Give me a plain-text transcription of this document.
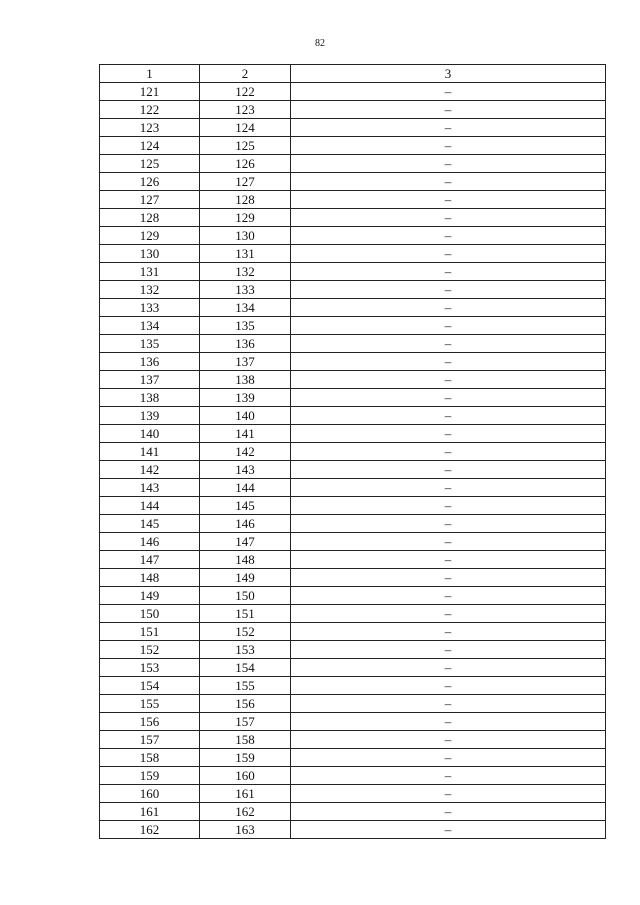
82
1	2	3
121	122	–
122	123	–
123	124	–
124	125	–
125	126	–
126	127	–
127	128	–
128	129	–
129	130	–
130	131	–
131	132	–
132	133	–
133	134	–
134	135	–
135	136	–
136	137	–
137	138	–
138	139	–
139	140	–
140	141	–
141	142	–
142	143	–
143	144	–
144	145	–
145	146	–
146	147	–
147	148	–
148	149	–
149	150	–
150	151	–
151	152	–
152	153	–
153	154	–
154	155	–
155	156	–
156	157	–
157	158	–
158	159	–
159	160	–
160	161	–
161	162	–
162	163	–
